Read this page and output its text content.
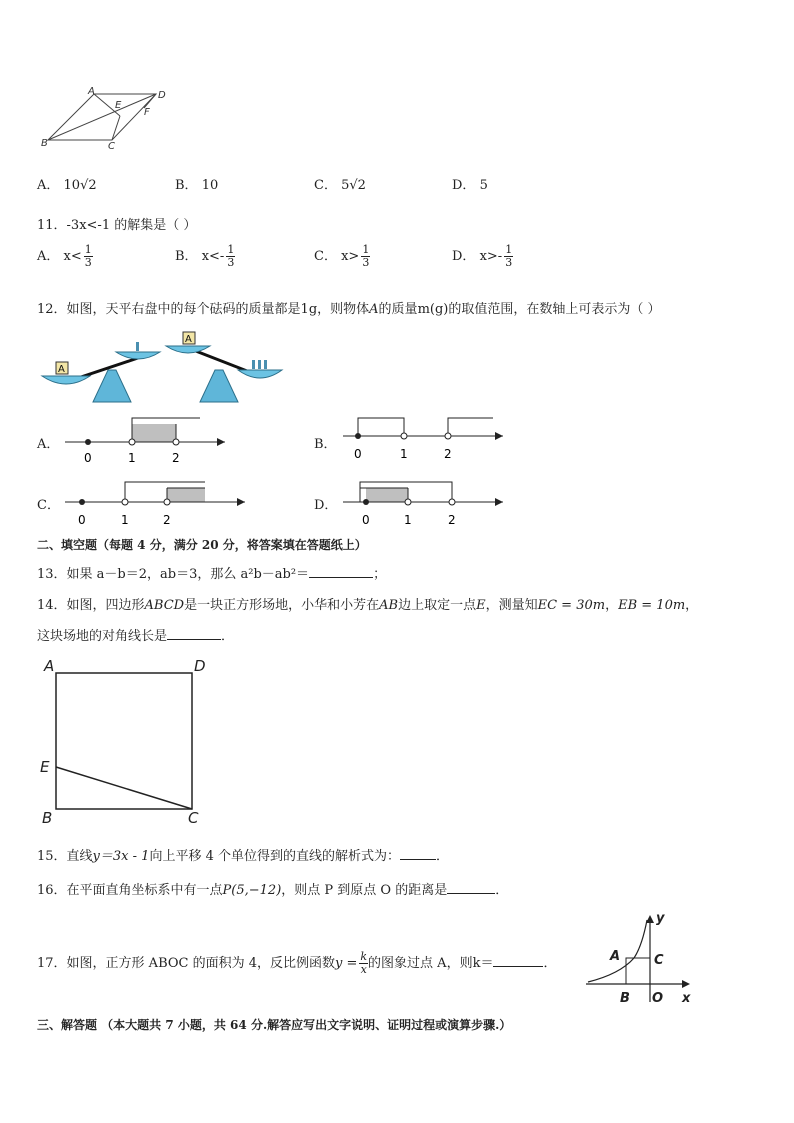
A	D
E
F
B	C
A． 10√2	B． 10	C． 5√2	D． 5
11．-3x<-1 的解集是（ ）
A． $x< \frac{1}{3}$	B． $x<- \frac{1}{3}$	C． $x> \frac{1}{3}$	D． $x>- \frac{1}{3}$
12．如图，天平右盘中的每个砝码的质量都是1g，则物体A的质量m(g)的取值范围，在数轴上可表示为（ ）
A
A
A．
0	1	2
B．
0	1	2
C．
0	1	2
D．
0	1	2
二、填空题（每题 4 分，满分 20 分，将答案填在答题纸上）
13．如果 a－b＝2，ab＝3，那么 a²b－ab²＝	；
14．如图，四边形ABCD是一块正方形场地，小华和小芳在AB边上取定一点E，测量知EC = 30m，EB = 10m，
这块场地的对角线长是	．
A	D
E
B	C
15．直线y＝3x - 1向上平移 4 个单位得到的直线的解析式为：	．
16．在平面直角坐标系中有一点P(5,−12)，则点 P 到原点 O 的距离是	．
17．如图，正方形 ABOC 的面积为 4，反比例函数$y = \frac{k}{x}$ 的图象过点 A，则k＝	．
y
x
A
B
C
O
三、解答题 （本大题共 7 小题，共 64 分.解答应写出文字说明、证明过程或演算步骤.）
